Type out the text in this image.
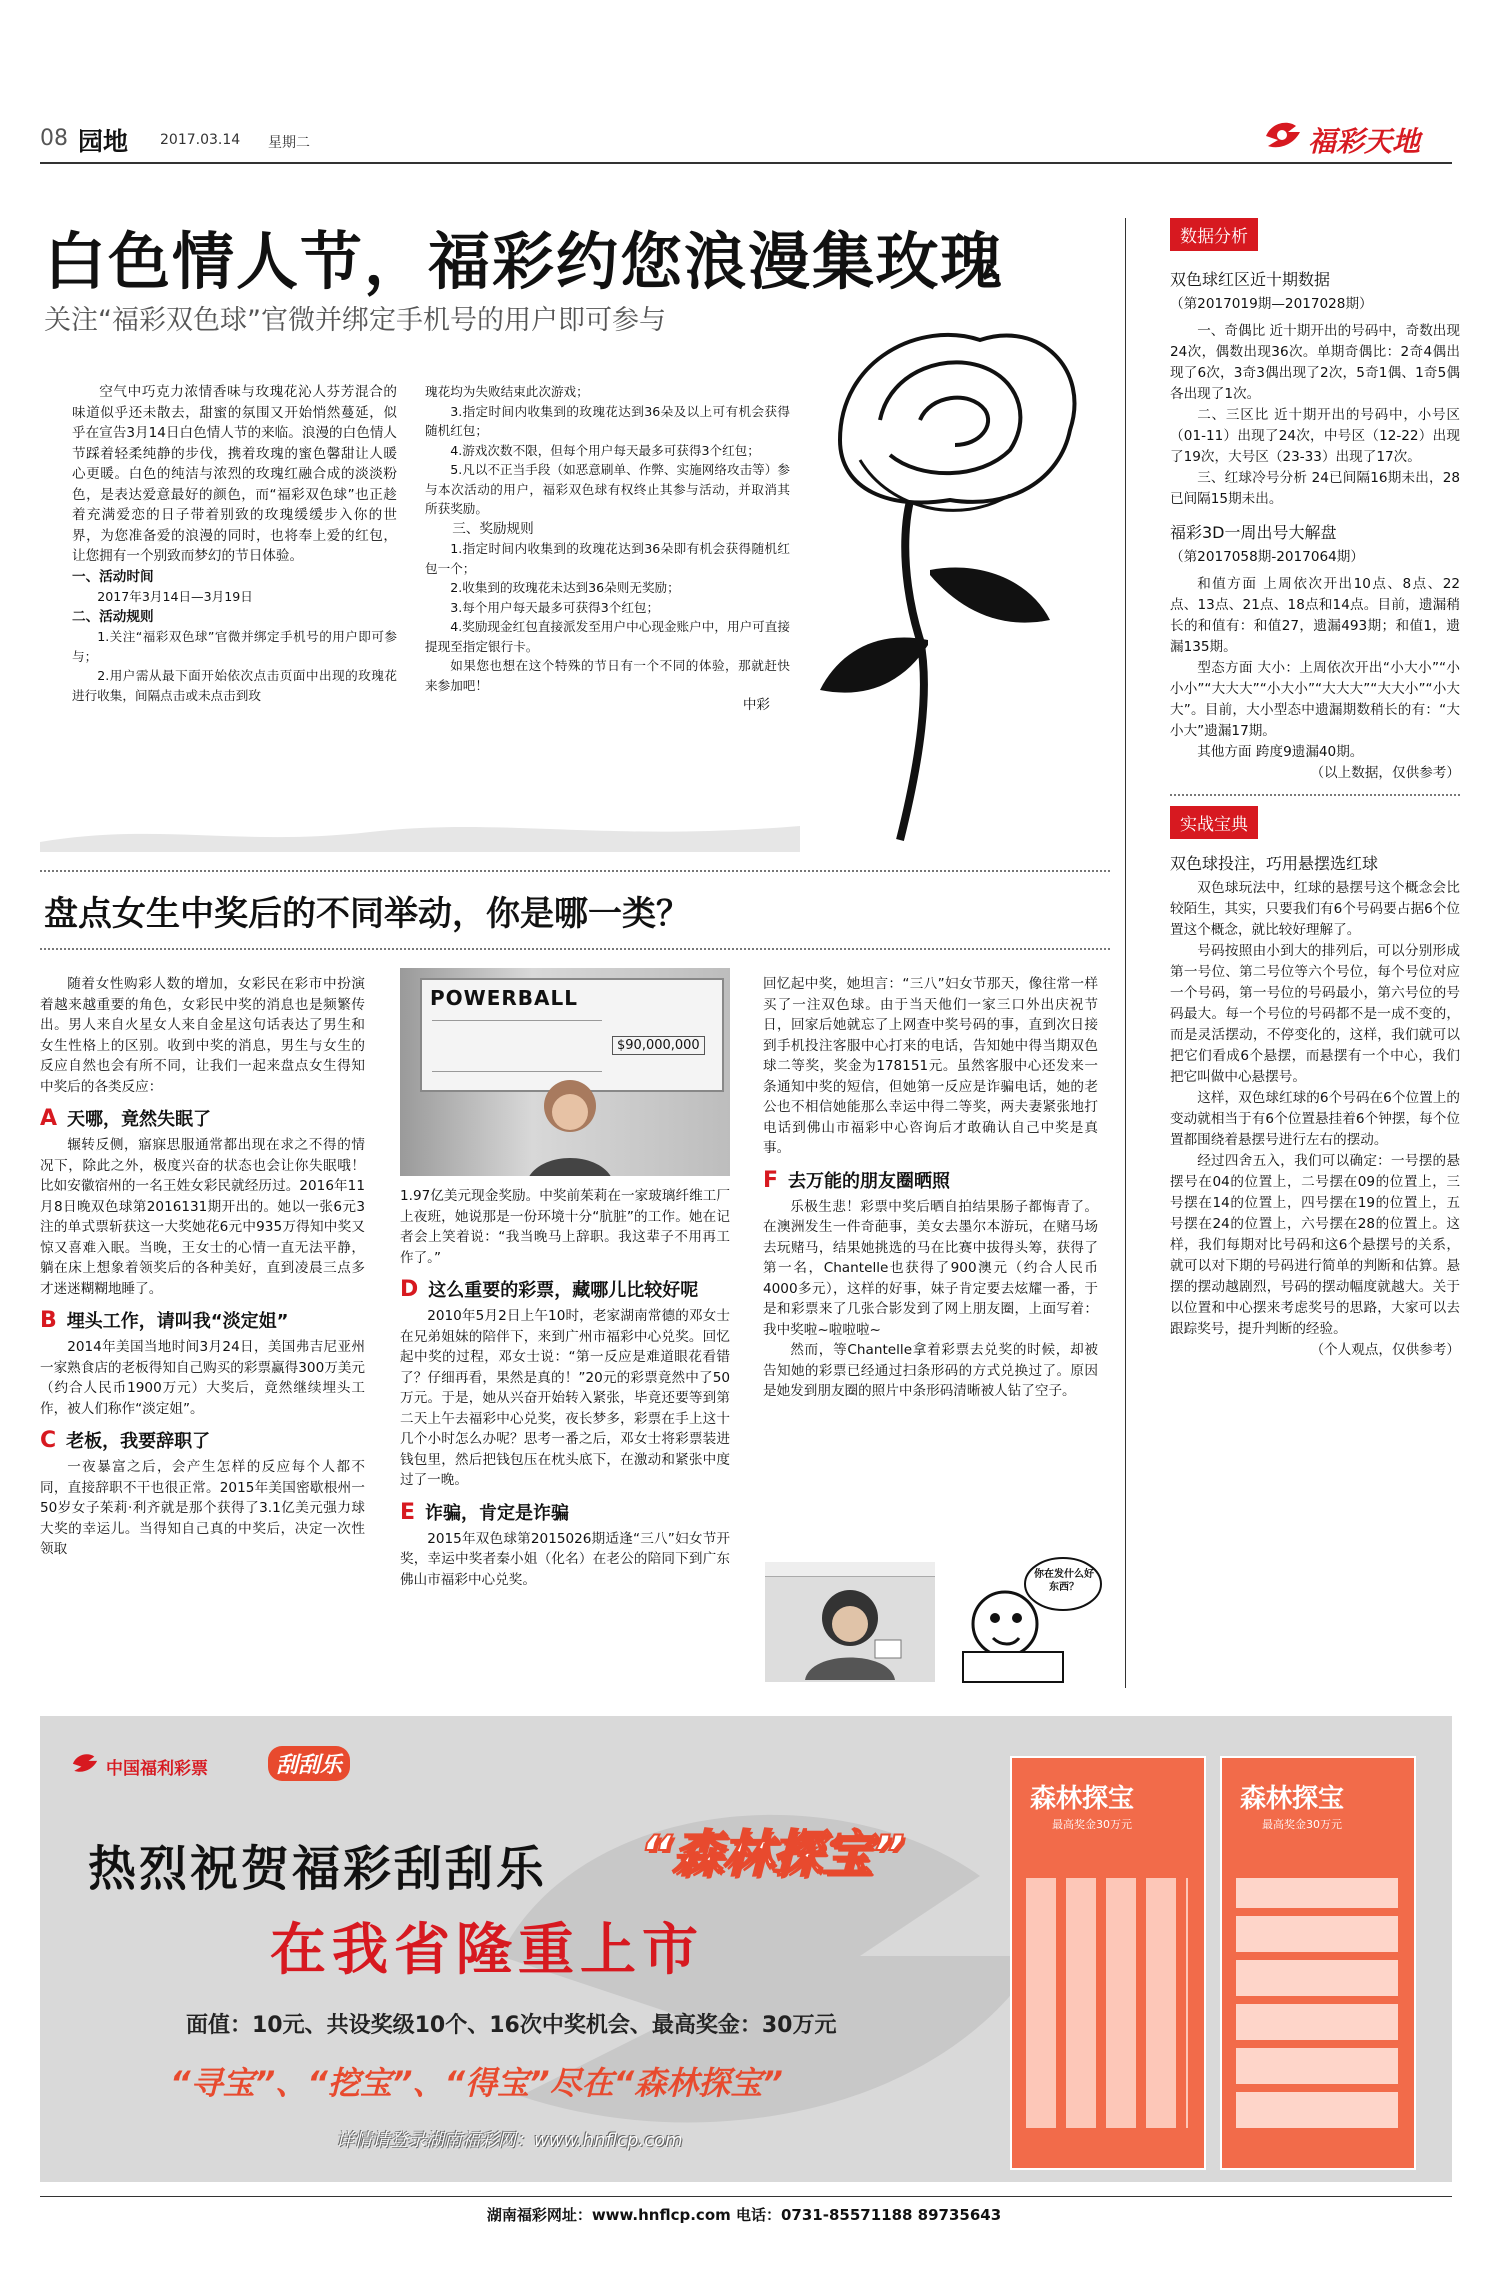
08 园地 2017.03.14 星期二	福彩天地
白色情人节，福彩约您浪漫集玫瑰
关注“福彩双色球”官微并绑定手机号的用户即可参与

空气中巧克力浓情香味与玫瑰花沁人芬芳混合的味道似乎还未散去，甜蜜的氛围又开始悄然蔓延，似乎在宣告3月14日白色情人节的来临。浪漫的白色情人节踩着轻柔纯静的步伐，携着玫瑰的蜜色馨甜让人暖心更暖。白色的纯洁与浓烈的玫瑰红融合成的淡淡粉色，是表达爱意最好的颜色，而“福彩双色球”也正趁着充满爱恋的日子带着别致的玫瑰缓缓步入你的世界，为您准备爱的浪漫的同时，也将奉上爱的红包，让您拥有一个别致而梦幻的节日体验。

一、活动时间

2017年3月14日—3月19日

二、活动规则

1.关注“福彩双色球”官微并绑定手机号的用户即可参与；

2.用户需从最下面开始依次点击页面中出现的玫瑰花进行收集，间隔点击或未点击到玫

瑰花均为失败结束此次游戏；

3.指定时间内收集到的玫瑰花达到36朵及以上可有机会获得随机红包；

4.游戏次数不限，但每个用户每天最多可获得3个红包；

5.凡以不正当手段（如恶意刷单、作弊、实施网络攻击等）参与本次活动的用户，福彩双色球有权终止其参与活动，并取消其所获奖励。

三、奖励规则

1.指定时间内收集到的玫瑰花达到36朵即有机会获得随机红包一个；

2.收集到的玫瑰花未达到36朵则无奖励；

3.每个用户每天最多可获得3个红包；

4.奖励现金红包直接派发至用户中心现金账户中，用户可直接提现至指定银行卡。

如果您也想在这个特殊的节日有一个不同的体验，那就赶快来参加吧！

中彩

盘点女生中奖后的不同举动，你是哪一类？

随着女性购彩人数的增加，女彩民在彩市中扮演着越来越重要的角色，女彩民中奖的消息也是频繁传出。男人来自火星女人来自金星这句话表达了男生和女生性格上的区别。收到中奖的消息，男生与女生的反应自然也会有所不同，让我们一起来盘点女生得知中奖后的各类反应：

A 天哪，竟然失眠了

辗转反侧，寤寐思服通常都出现在求之不得的情况下，除此之外，极度兴奋的状态也会让你失眠哦！比如安徽宿州的一名王姓女彩民就经历过。2016年11月8日晚双色球第2016131期开出的。她以一张6元3注的单式票斩获这一大奖她花6元中935万得知中奖又惊又喜难入眠。当晚，王女士的心情一直无法平静，躺在床上想象着领奖后的各种美好，直到凌晨三点多才迷迷糊糊地睡了。

B 埋头工作，请叫我“淡定姐”

2014年美国当地时间3月24日，美国弗吉尼亚州一家熟食店的老板得知自己购买的彩票赢得300万美元（约合人民币1900万元）大奖后，竟然继续埋头工作，被人们称作“淡定姐”。

C 老板，我要辞职了

一夜暴富之后，会产生怎样的反应每个人都不同，直接辞职不干也很正常。2015年美国密歇根州一50岁女子茱莉·利齐就是那个获得了3.1亿美元强力球大奖的幸运儿。当得知自己真的中奖后，决定一次性领取

POWERBALL
$90,000,000

1.97亿美元现金奖励。中奖前茱莉在一家玻璃纤维工厂上夜班，她说那是一份环境十分“肮脏”的工作。她在记者会上笑着说：“我当晚马上辞职。我这辈子不用再工作了。”

D 这么重要的彩票，藏哪儿比较好呢

2010年5月2日上午10时，老家湖南常德的邓女士在兄弟姐妹的陪伴下，来到广州市福彩中心兑奖。回忆起中奖的过程，邓女士说：“第一反应是难道眼花看错了？仔细再看，果然是真的！”20元的彩票竟然中了50万元。于是，她从兴奋开始转入紧张，毕竟还要等到第二天上午去福彩中心兑奖，夜长梦多，彩票在手上这十几个小时怎么办呢？思考一番之后，邓女士将彩票装进钱包里，然后把钱包压在枕头底下，在激动和紧张中度过了一晚。

E 诈骗，肯定是诈骗

2015年双色球第2015026期适逢“三八”妇女节开奖，幸运中奖者秦小姐（化名）在老公的陪同下到广东佛山市福彩中心兑奖。

回忆起中奖，她坦言：“三八”妇女节那天，像往常一样买了一注双色球。由于当天他们一家三口外出庆祝节日，回家后她就忘了上网查中奖号码的事，直到次日接到手机投注客服中心打来的电话，告知她中得当期双色球二等奖，奖金为178151元。虽然客服中心还发来一条通知中奖的短信，但她第一反应是诈骗电话，她的老公也不相信她能那么幸运中得二等奖，两夫妻紧张地打电话到佛山市福彩中心咨询后才敢确认自己中奖是真事。

F 去万能的朋友圈晒照

乐极生悲！彩票中奖后晒自拍结果肠子都悔青了。在澳洲发生一件奇葩事，美女去墨尔本游玩，在赌马场去玩赌马，结果她挑选的马在比赛中拔得头筹，获得了第一名，Chantelle也获得了900澳元（约合人民币4000多元），这样的好事，妹子肯定要去炫耀一番，于是和彩票来了几张合影发到了网上朋友圈，上面写着：我中奖啦~啦啦啦~

然而，等Chantelle拿着彩票去兑奖的时候，却被告知她的彩票已经通过扫条形码的方式兑换过了。原因是她发到朋友圈的照片中条形码清晰被人钻了空子。

你在发什么好东西？
数据分析

双色球红区近十期数据

（第2017019期—2017028期）

一、奇偶比 近十期开出的号码中，奇数出现24次，偶数出现36次。单期奇偶比：2奇4偶出现了6次，3奇3偶出现了2次，5奇1偶、1奇5偶各出现了1次。

二、三区比 近十期开出的号码中，小号区（01-11）出现了24次，中号区（12-22）出现了19次，大号区（23-33）出现了17次。

三、红球冷号分析 24已间隔16期未出，28已间隔15期未出。

福彩3D一周出号大解盘

（第2017058期-2017064期）

和值方面 上周依次开出10点、8点、22点、13点、21点、18点和14点。目前，遗漏稍长的和值有：和值27，遗漏493期；和值1，遗漏135期。

型态方面 大小：上周依次开出“小大小”“小小小”“大大大”“小大小”“大大大”“大大小”“小大大”。目前，大小型态中遗漏期数稍长的有：“大小大”遗漏17期。

其他方面 跨度9遗漏40期。

（以上数据，仅供参考）

实战宝典

双色球投注，巧用悬摆选红球

双色球玩法中，红球的悬摆号这个概念会比较陌生，其实，只要我们有6个号码要占据6个位置这个概念，就比较好理解了。

号码按照由小到大的排列后，可以分别形成第一号位、第二号位等六个号位，每个号位对应一个号码，第一号位的号码最小，第六号位的号码最大。每一个号位的号码都不是一成不变的，而是灵活摆动，不停变化的，这样，我们就可以把它们看成6个悬摆，而悬摆有一个中心，我们把它叫做中心悬摆号。

这样，双色球红球的6个号码在6个位置上的变动就相当于有6个位置悬挂着6个钟摆，每个位置都围绕着悬摆号进行左右的摆动。

经过四舍五入，我们可以确定：一号摆的悬摆号在04的位置上，二号摆在09的位置上，三号摆在14的位置上，四号摆在19的位置上，五号摆在24的位置上，六号摆在28的位置上。这样，我们每期对比号码和这6个悬摆号的关系，就可以对下期的号码进行简单的判断和估算。悬摆的摆动越剧烈，号码的摆动幅度就越大。关于以位置和中心摆来考虑奖号的思路，大家可以去跟踪奖号，提升判断的经验。

（个人观点，仅供参考）

中国福利彩票	刮刮乐
热烈祝贺福彩刮刮乐 “森林探宝”
在我省隆重上市
面值：10元、共设奖级10个、16次中奖机会、最高奖金：30万元
“寻宝”、“挖宝”、“得宝”尽在“森林探宝”
详情请登录湖南福彩网：www.hnflcp.com
森林探宝
最高奖金30万元
森林探宝
最高奖金30万元
湖南福彩网址：www.hnflcp.com 电话：0731-85571188 89735643
